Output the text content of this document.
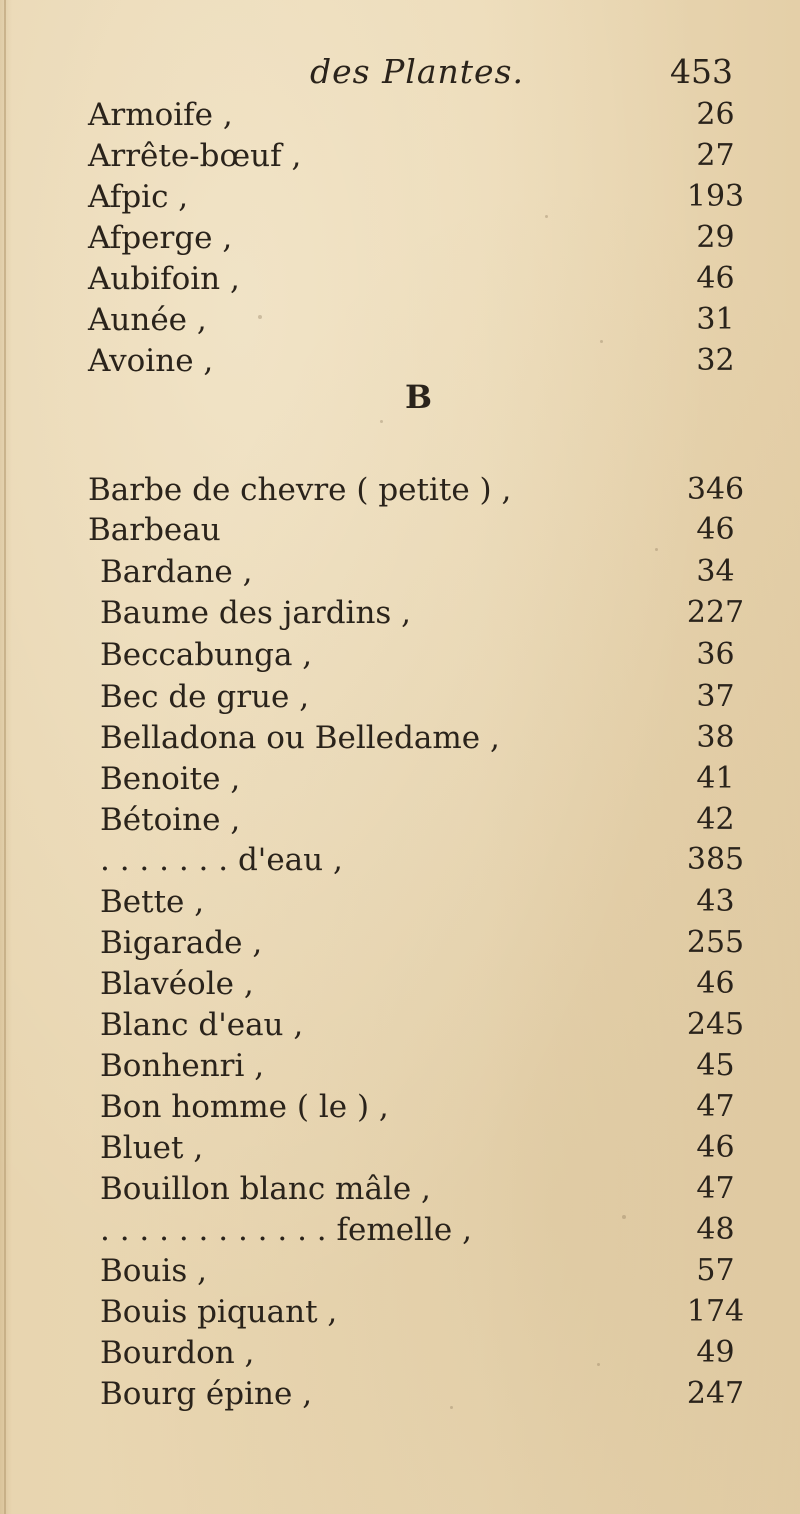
des Plantes.	453
B
Armoife ,	26
Arrête-bœuf ,	27
Afpic ,	193
Afperge ,	29
Aubifoin ,	46
Aunée ,	31
Avoine ,	32
Barbe de chevre ( petite ) ,	346
Barbeau	46
Bardane ,	34
Baume des jardins ,	227
Beccabunga ,	36
Bec de grue ,	37
Belladona ou Belledame ,	38
Benoite ,	41
Bétoine ,	42
. . . . . . . d'eau ,	385
Bette ,	43
Bigarade ,	255
Blavéole ,	46
Blanc d'eau ,	245
Bonhenri ,	45
Bon homme ( le ) ,	47
Bluet ,	46
Bouillon blanc mâle ,	47
. . . . . . . . . . . . femelle ,	48
Bouis ,	57
Bouis piquant ,	174
Bourdon ,	49
Bourg épine ,	247
